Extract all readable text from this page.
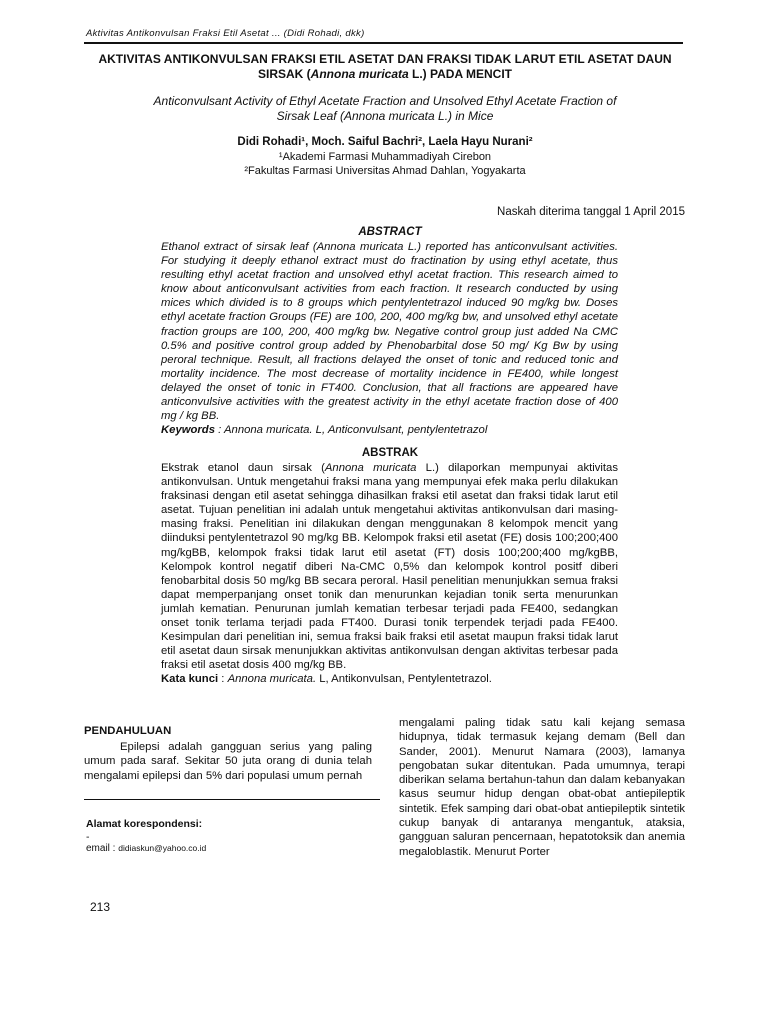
Aktivitas Antikonvulsan Fraksi Etil Asetat ... (Didi Rohadi, dkk)
AKTIVITAS ANTIKONVULSAN FRAKSI ETIL ASETAT DAN FRAKSI TIDAK LARUT ETIL ASETAT DAUN
SIRSAK (Annona muricata L.) PADA MENCIT
Anticonvulsant Activity of Ethyl Acetate Fraction and Unsolved Ethyl Acetate Fraction of
Sirsak Leaf (Annona muricata L.) in Mice
Didi Rohadi¹, Moch. Saiful Bachri², Laela Hayu Nurani²
¹Akademi Farmasi Muhammadiyah Cirebon
²Fakultas Farmasi Universitas Ahmad Dahlan, Yogyakarta
Naskah diterima tanggal 1 April 2015
ABSTRACT
Ethanol extract of sirsak leaf (Annona muricata L.) reported has anticonvulsant activities. For studying it deeply ethanol extract must do fractination by using ethyl acetate, thus resulting ethyl acetat fraction and unsolved ethyl acetat fraction. This research aimed to know about anticonvulsant activities from each fraction. It research conducted by using mices which divided is to 8 groups which pentylentetrazol induced 90 mg/kg bw. Doses ethyl acetate fraction Groups (FE) are 100, 200, 400 mg/kg bw, and unsolved ethyl acetate fraction groups are 100, 200, 400 mg/kg bw. Negative control group just added Na CMC 0.5% and positive control group added by Phenobarbital dose 50 mg/ Kg Bw by using peroral technique. Result, all fractions delayed the onset of tonic and reduced tonic and mortality incidence. The most decrease of mortality incidence in FE400, while longest delayed the onset of tonic in FT400. Conclusion, that all fractions are appeared have anticonvulsive activities with the greatest activity in the ethyl acetate fraction dose of 400 mg / kg BB.
Keywords : Annona muricata. L, Anticonvulsant, pentylentetrazol
ABSTRAK
Ekstrak etanol daun sirsak (Annona muricata L.) dilaporkan mempunyai aktivitas antikonvulsan. Untuk mengetahui fraksi mana yang mempunyai efek maka perlu dilakukan fraksinasi dengan etil asetat sehingga dihasilkan fraksi etil asetat dan fraksi tidak larut etil asetat. Tujuan penelitian ini adalah untuk mengetahui aktivitas antikonvulsan dari masing-masing fraksi. Penelitian ini dilakukan dengan menggunakan 8 kelompok mencit yang diinduksi pentylentetrazol 90 mg/kg BB. Kelompok fraksi etil asetat (FE) dosis 100;200;400 mg/kgBB, kelompok fraksi tidak larut etil asetat (FT) dosis 100;200;400 mg/kgBB, Kelompok kontrol negatif diberi Na-CMC 0,5% dan kelompok kontrol positf diberi fenobarbital dosis 50 mg/kg BB secara peroral. Hasil penelitian menunjukkan semua fraksi dapat memperpanjang onset tonik dan menurunkan kejadian tonik serta menurunkan jumlah kematian. Penurunan jumlah kematian terbesar terjadi pada FE400, sedangkan onset tonik terlama terjadi pada FT400. Durasi tonik terpendek terjadi pada FE400. Kesimpulan dari penelitian ini, semua fraksi baik fraksi etil asetat maupun fraksi tidak larut etil asetat daun sirsak menunjukkan aktivitas antikonvulsan dengan aktivitas terbesar pada fraksi etil asetat dosis 400 mg/kg BB.
Kata kunci : Annona muricata. L, Antikonvulsan, Pentylentetrazol.
PENDAHULUAN
Epilepsi adalah gangguan serius yang paling umum pada saraf. Sekitar 50 juta orang di dunia telah mengalami epilepsi dan 5% dari populasi umum pernah
mengalami paling tidak satu kali kejang semasa hidupnya, tidak termasuk kejang demam (Bell dan Sander, 2001). Menurut Namara (2003), lamanya pengobatan sukar ditentukan. Pada umumnya, terapi diberikan selama bertahun-tahun dan dalam kebanyakan kasus seumur hidup dengan obat-obat antiepileptik sintetik. Efek samping dari obat-obat antiepileptik sintetik cukup banyak di antaranya mengantuk, ataksia, gangguan saluran pencernaan, hepatotoksik dan anemia megaloblastik. Menurut Porter
Alamat korespondensi:
-
email : didiaskun@yahoo.co.id
213
